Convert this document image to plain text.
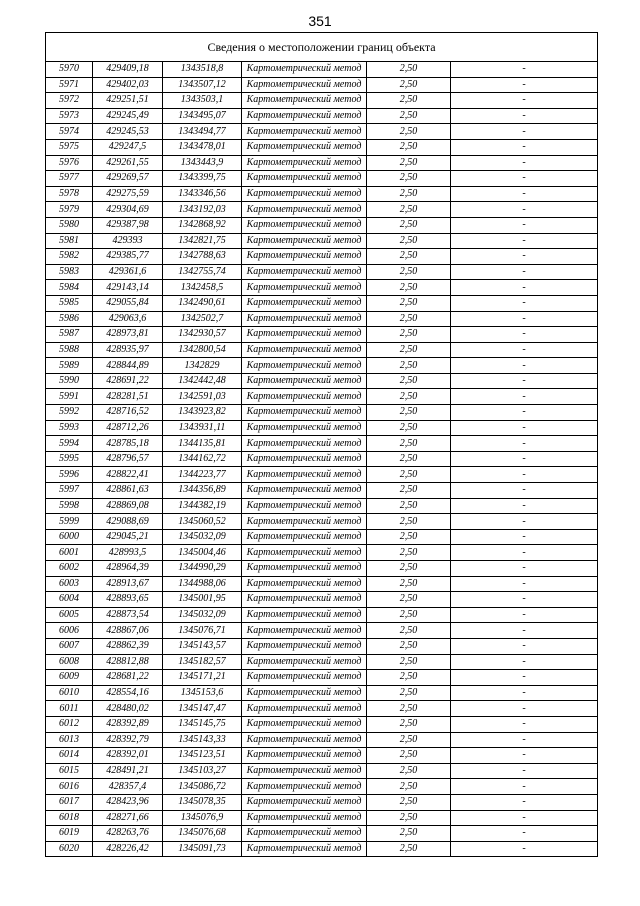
351
Сведения о местоположении границ объекта					
5970	429409,18	1343518,8	Картометрический метод	2,50	-
5971	429402,03	1343507,12	Картометрический метод	2,50	-
5972	429251,51	1343503,1	Картометрический метод	2,50	-
5973	429245,49	1343495,07	Картометрический метод	2,50	-
5974	429245,53	1343494,77	Картометрический метод	2,50	-
5975	429247,5	1343478,01	Картометрический метод	2,50	-
5976	429261,55	1343443,9	Картометрический метод	2,50	-
5977	429269,57	1343399,75	Картометрический метод	2,50	-
5978	429275,59	1343346,56	Картометрический метод	2,50	-
5979	429304,69	1343192,03	Картометрический метод	2,50	-
5980	429387,98	1342868,92	Картометрический метод	2,50	-
5981	429393	1342821,75	Картометрический метод	2,50	-
5982	429385,77	1342788,63	Картометрический метод	2,50	-
5983	429361,6	1342755,74	Картометрический метод	2,50	-
5984	429143,14	1342458,5	Картометрический метод	2,50	-
5985	429055,84	1342490,61	Картометрический метод	2,50	-
5986	429063,6	1342502,7	Картометрический метод	2,50	-
5987	428973,81	1342930,57	Картометрический метод	2,50	-
5988	428935,97	1342800,54	Картометрический метод	2,50	-
5989	428844,89	1342829	Картометрический метод	2,50	-
5990	428691,22	1342442,48	Картометрический метод	2,50	-
5991	428281,51	1342591,03	Картометрический метод	2,50	-
5992	428716,52	1343923,82	Картометрический метод	2,50	-
5993	428712,26	1343931,11	Картометрический метод	2,50	-
5994	428785,18	1344135,81	Картометрический метод	2,50	-
5995	428796,57	1344162,72	Картометрический метод	2,50	-
5996	428822,41	1344223,77	Картометрический метод	2,50	-
5997	428861,63	1344356,89	Картометрический метод	2,50	-
5998	428869,08	1344382,19	Картометрический метод	2,50	-
5999	429088,69	1345060,52	Картометрический метод	2,50	-
6000	429045,21	1345032,09	Картометрический метод	2,50	-
6001	428993,5	1345004,46	Картометрический метод	2,50	-
6002	428964,39	1344990,29	Картометрический метод	2,50	-
6003	428913,67	1344988,06	Картометрический метод	2,50	-
6004	428893,65	1345001,95	Картометрический метод	2,50	-
6005	428873,54	1345032,09	Картометрический метод	2,50	-
6006	428867,06	1345076,71	Картометрический метод	2,50	-
6007	428862,39	1345143,57	Картометрический метод	2,50	-
6008	428812,88	1345182,57	Картометрический метод	2,50	-
6009	428681,22	1345171,21	Картометрический метод	2,50	-
6010	428554,16	1345153,6	Картометрический метод	2,50	-
6011	428480,02	1345147,47	Картометрический метод	2,50	-
6012	428392,89	1345145,75	Картометрический метод	2,50	-
6013	428392,79	1345143,33	Картометрический метод	2,50	-
6014	428392,01	1345123,51	Картометрический метод	2,50	-
6015	428491,21	1345103,27	Картометрический метод	2,50	-
6016	428357,4	1345086,72	Картометрический метод	2,50	-
6017	428423,96	1345078,35	Картометрический метод	2,50	-
6018	428271,66	1345076,9	Картометрический метод	2,50	-
6019	428263,76	1345076,68	Картометрический метод	2,50	-
6020	428226,42	1345091,73	Картометрический метод	2,50	-
